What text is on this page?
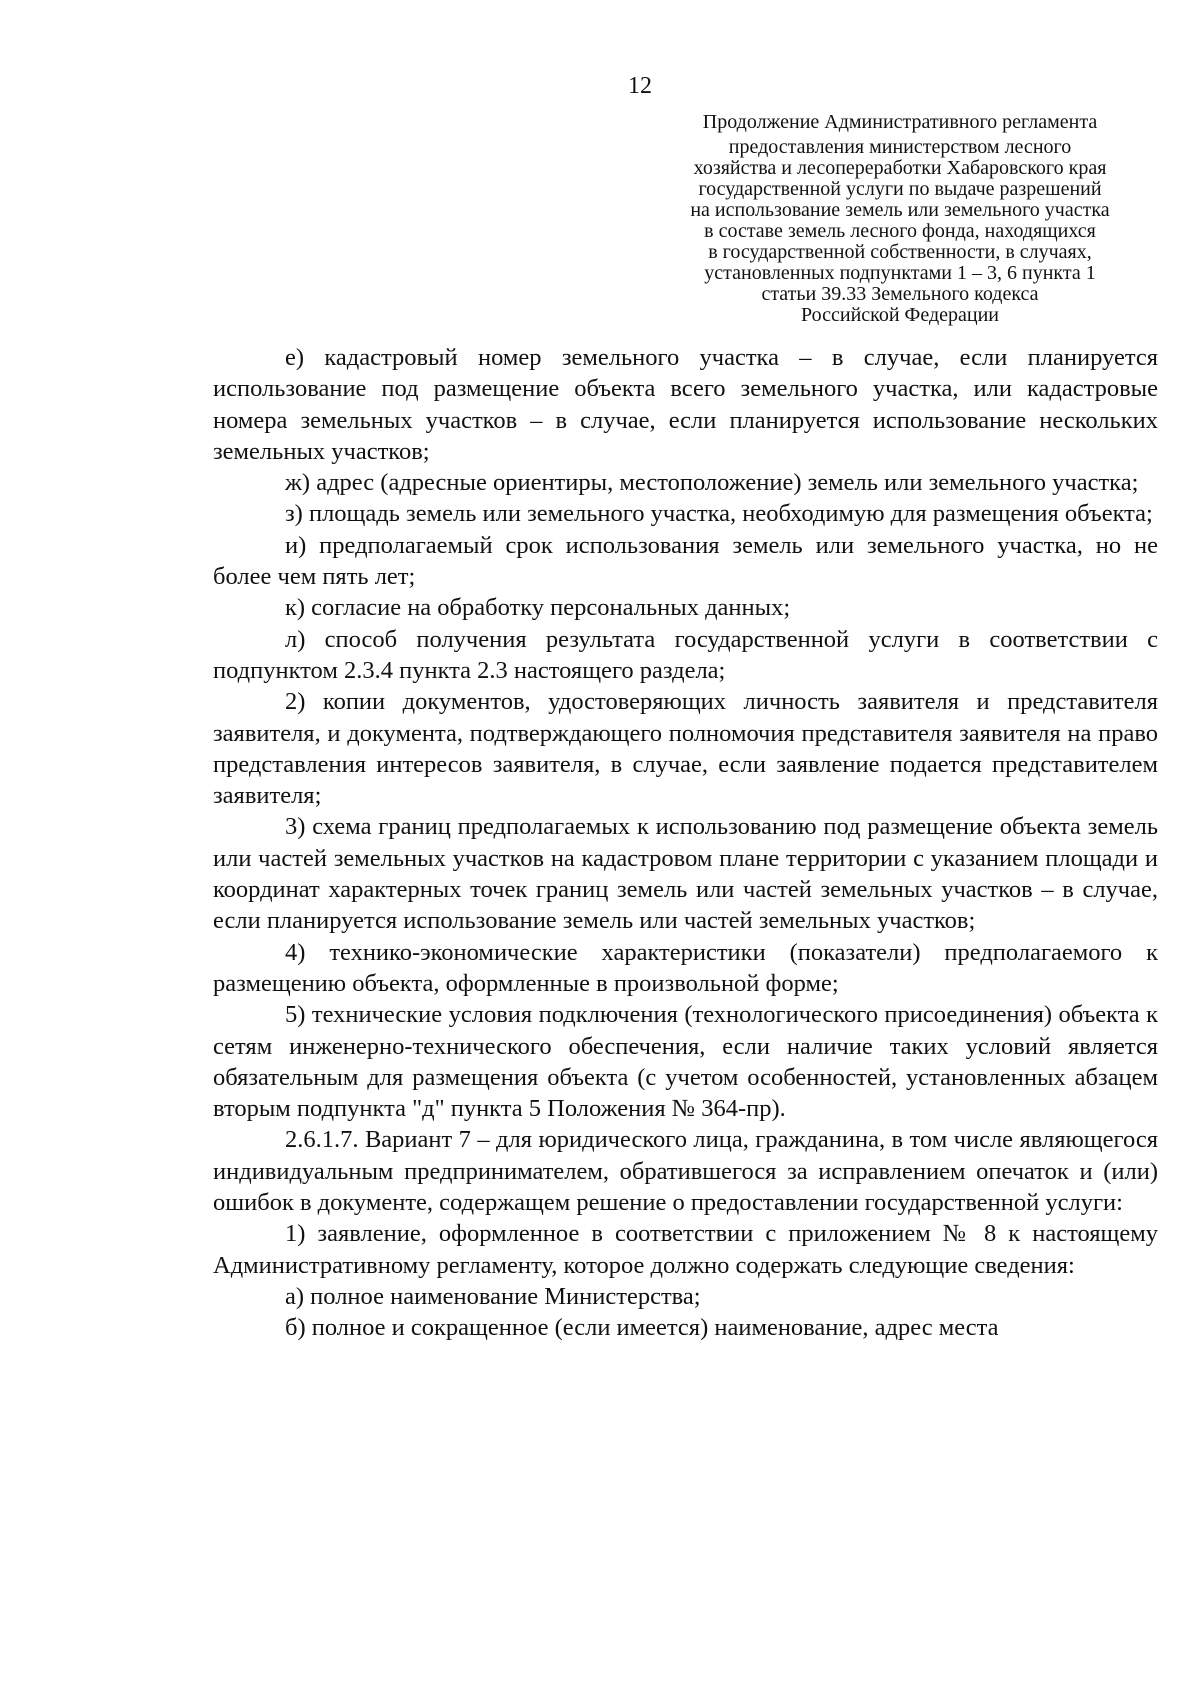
12
Продолжение Административного регламента
предоставления министерством лесного
хозяйства и лесопереработки Хабаровского края
государственной услуги по выдаче разрешений
на использование земель или земельного участка
в составе земель лесного фонда, находящихся
в государственной собственности, в случаях,
установленных подпунктами 1 – 3, 6 пункта 1
статьи 39.33 Земельного кодекса
Российской Федерации

е) кадастровый номер земельного участка – в случае, если планируется использование под размещение объекта всего земельного участка, или кадастровые номера земельных участков – в случае, если планируется использование нескольких земельных участков;

ж) адрес (адресные ориентиры, местоположение) земель или земельного участка;

з) площадь земель или земельного участка, необходимую для размещения объекта;

и) предполагаемый срок использования земель или земельного участка, но не более чем пять лет;

к) согласие на обработку персональных данных;

л) способ получения результата государственной услуги в соответствии с подпунктом 2.3.4 пункта 2.3 настоящего раздела;

2) копии документов, удостоверяющих личность заявителя и представителя заявителя, и документа, подтверждающего полномочия представителя заявителя на право представления интересов заявителя, в случае, если заявление подается представителем заявителя;

3) схема границ предполагаемых к использованию под размещение объекта земель или частей земельных участков на кадастровом плане территории с указанием площади и координат характерных точек границ земель или частей земельных участков – в случае, если планируется использование земель или частей земельных участков;

4) технико-экономические характеристики (показатели) предполагаемого к размещению объекта, оформленные в произвольной форме;

5) технические условия подключения (технологического присоединения) объекта к сетям инженерно-технического обеспечения, если наличие таких условий является обязательным для размещения объекта (с учетом особенностей, установленных абзацем вторым подпункта "д" пункта 5 Положения № 364-пр).

2.6.1.7. Вариант 7 – для юридического лица, гражданина, в том числе являющегося индивидуальным предпринимателем, обратившегося за исправлением опечаток и (или) ошибок в документе, содержащем решение о предоставлении государственной услуги:

1) заявление, оформленное в соответствии с приложением № 8 к настоящему Административному регламенту, которое должно содержать следующие сведения:

а) полное наименование Министерства;

б) полное и сокращенное (если имеется) наименование, адрес места
